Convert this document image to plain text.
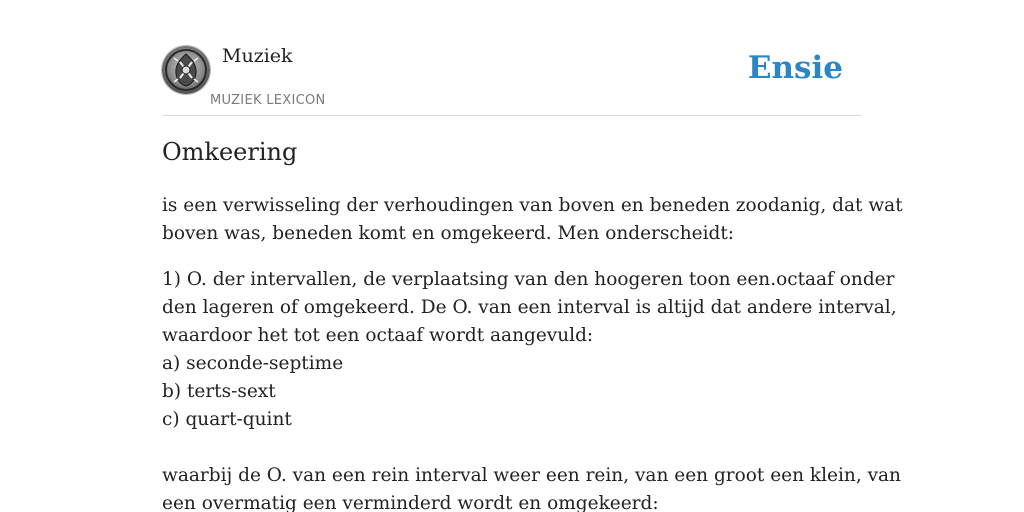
Muziek
MUZIEK LEXICON
Ensie
Omkeering

is een verwisseling der verhoudingen van boven en beneden zoodanig, dat wat
boven was, beneden komt en omgekeerd. Men onderscheidt:

1) O. der intervallen, de verplaatsing van den hoogeren toon een.octaaf onder
den lageren of omgekeerd. De O. van een interval is altijd dat andere interval,
waardoor het tot een octaaf wordt aangevuld:
a) seconde-septime
b) terts-sext
c) quart-quint
waarbij de O. van een rein interval weer een rein, van een groot een klein, van
een overmatig een verminderd wordt en omgekeerd:
